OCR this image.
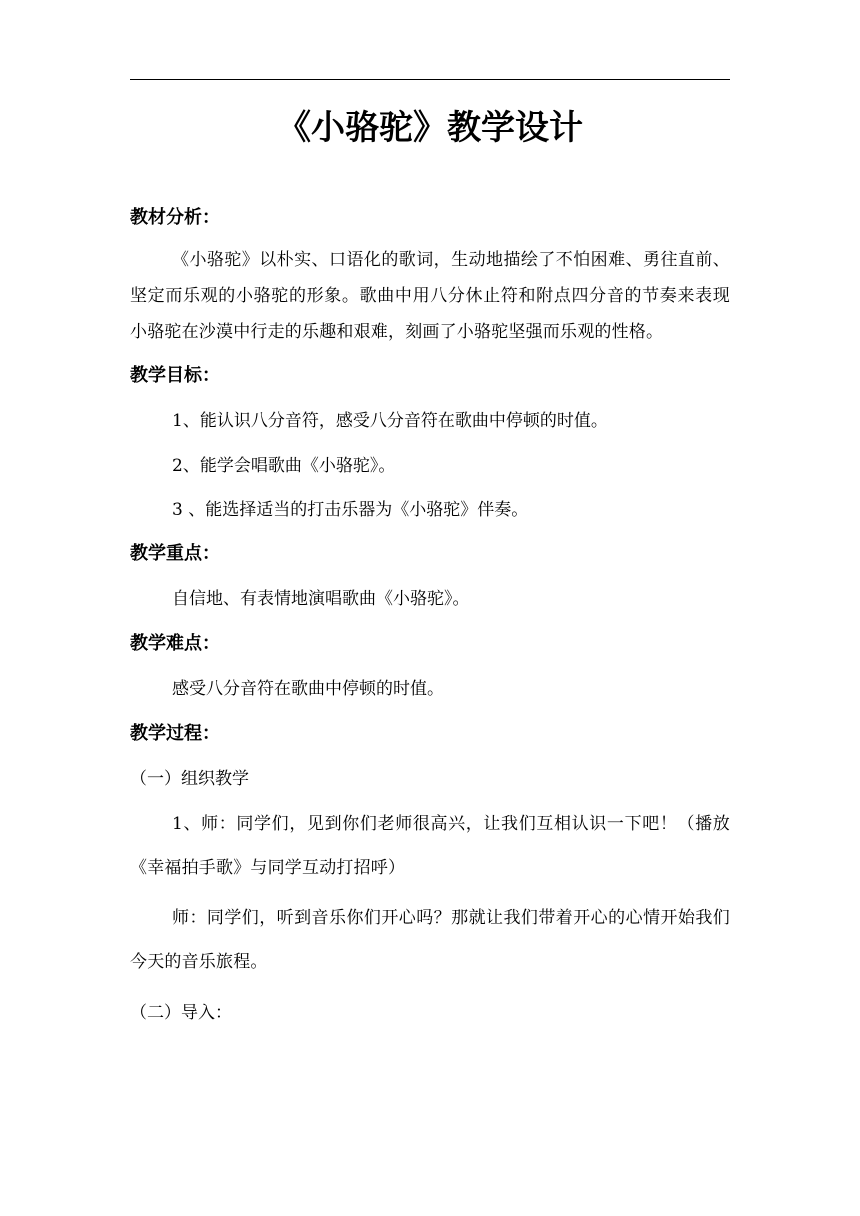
《小骆驼》教学设计

教材分析：

《小骆驼》以朴实、口语化的歌词，生动地描绘了不怕困难、勇往直前、坚定而乐观的小骆驼的形象。歌曲中用八分休止符和附点四分音的节奏来表现小骆驼在沙漠中行走的乐趣和艰难，刻画了小骆驼坚强而乐观的性格。

教学目标：

1、能认识八分音符，感受八分音符在歌曲中停顿的时值。

2、能学会唱歌曲《小骆驼》。

3 、能选择适当的打击乐器为《小骆驼》伴奏。

教学重点：

自信地、有表情地演唱歌曲《小骆驼》。

教学难点：

感受八分音符在歌曲中停顿的时值。

教学过程：

（一）组织教学

1、师：同学们，见到你们老师很高兴，让我们互相认识一下吧！（播放《幸福拍手歌》与同学互动打招呼）

师：同学们，听到音乐你们开心吗？那就让我们带着开心的心情开始我们今天的音乐旅程。

（二）导入：
